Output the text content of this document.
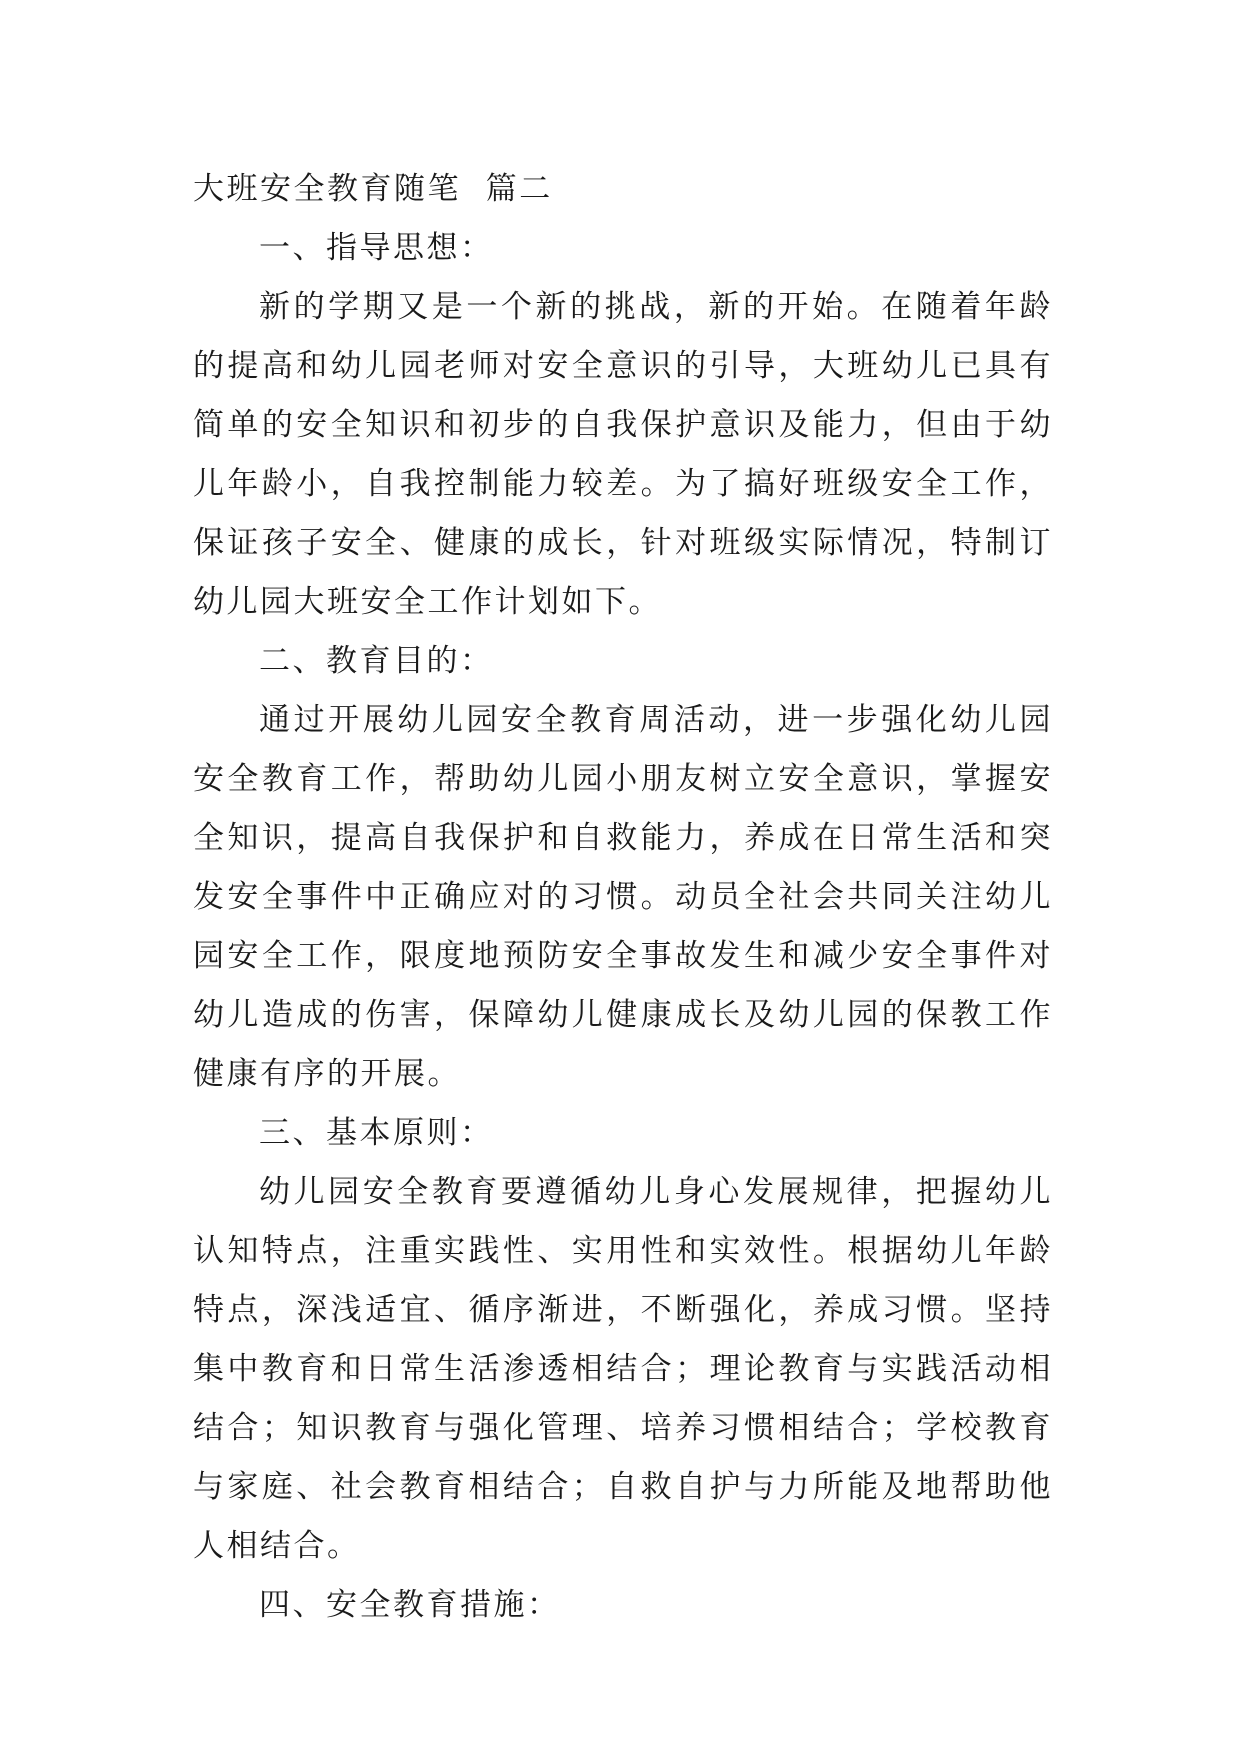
大班安全教育随笔  篇二

一、指导思想：

新的学期又是一个新的挑战，新的开始。在随着年龄的提高和幼儿园老师对安全意识的引导，大班幼儿已具有简单的安全知识和初步的自我保护意识及能力，但由于幼儿年龄小，自我控制能力较差。为了搞好班级安全工作，保证孩子安全、健康的成长，针对班级实际情况，特制订幼儿园大班安全工作计划如下。

二、教育目的：

通过开展幼儿园安全教育周活动，进一步强化幼儿园安全教育工作，帮助幼儿园小朋友树立安全意识，掌握安全知识，提高自我保护和自救能力，养成在日常生活和突发安全事件中正确应对的习惯。动员全社会共同关注幼儿园安全工作，限度地预防安全事故发生和减少安全事件对幼儿造成的伤害，保障幼儿健康成长及幼儿园的保教工作健康有序的开展。

三、基本原则：

幼儿园安全教育要遵循幼儿身心发展规律，把握幼儿认知特点，注重实践性、实用性和实效性。根据幼儿年龄特点，深浅适宜、循序渐进，不断强化，养成习惯。坚持集中教育和日常生活渗透相结合；理论教育与实践活动相结合；知识教育与强化管理、培养习惯相结合；学校教育与家庭、社会教育相结合；自救自护与力所能及地帮助他人相结合。

四、安全教育措施：
